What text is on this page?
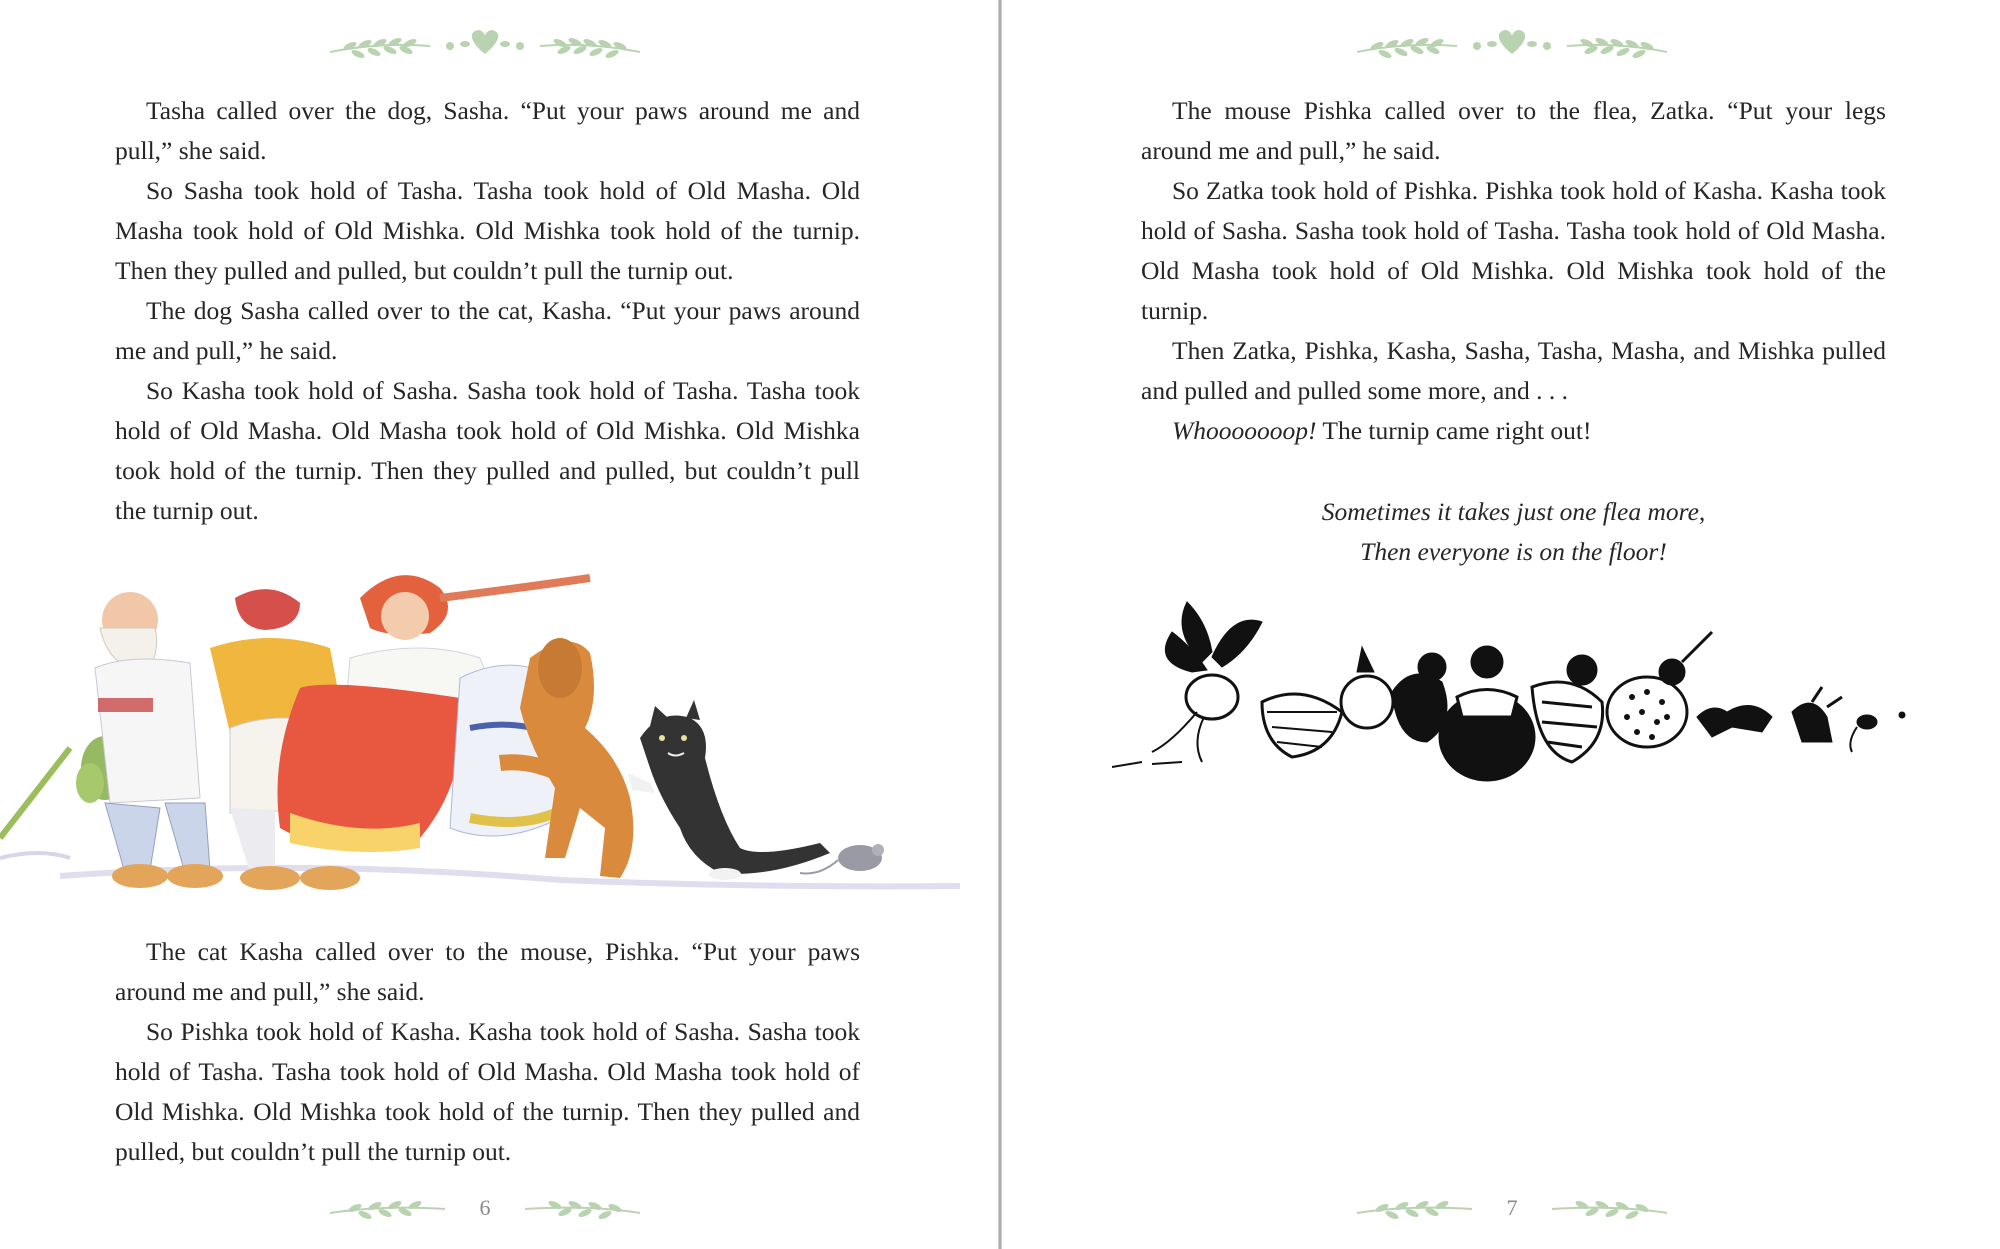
Tasha called over the dog, Sasha. “Put your paws around me and pull,” she said.

So Sasha took hold of Tasha. Tasha took hold of Old Masha. Old Masha took hold of Old Mishka. Old Mishka took hold of the turnip. Then they pulled and pulled, but couldn’t pull the turnip out.

The dog Sasha called over to the cat, Kasha. “Put your paws around me and pull,” he said.

So Kasha took hold of Sasha. Sasha took hold of Tasha. Tasha took hold of Old Masha. Old Masha took hold of Old Mishka. Old Mishka took hold of the turnip. Then they pulled and pulled, but couldn’t pull the turnip out.

The cat Kasha called over to the mouse, Pishka. “Put your paws around me and pull,” she said.

So Pishka took hold of Kasha. Kasha took hold of Sasha. Sasha took hold of Tasha. Tasha took hold of Old Masha. Old Masha took hold of Old Mishka. Old Mishka took hold of the turnip. Then they pulled and pulled, but couldn’t pull the turnip out.

6

The mouse Pishka called over to the flea, Zatka. “Put your legs around me and pull,” he said.

So Zatka took hold of Pishka. Pishka took hold of Kasha. Kasha took hold of Sasha. Sasha took hold of Tasha. Tasha took hold of Old Masha. Old Masha took hold of Old Mishka. Old Mishka took hold of the turnip.

Then Zatka, Pishka, Kasha, Sasha, Tasha, Masha, and Mishka pulled and pulled and pulled some more, and . . .

Whooooooop! The turnip came right out!

Sometimes it takes just one flea more,
Then everyone is on the floor!
7
